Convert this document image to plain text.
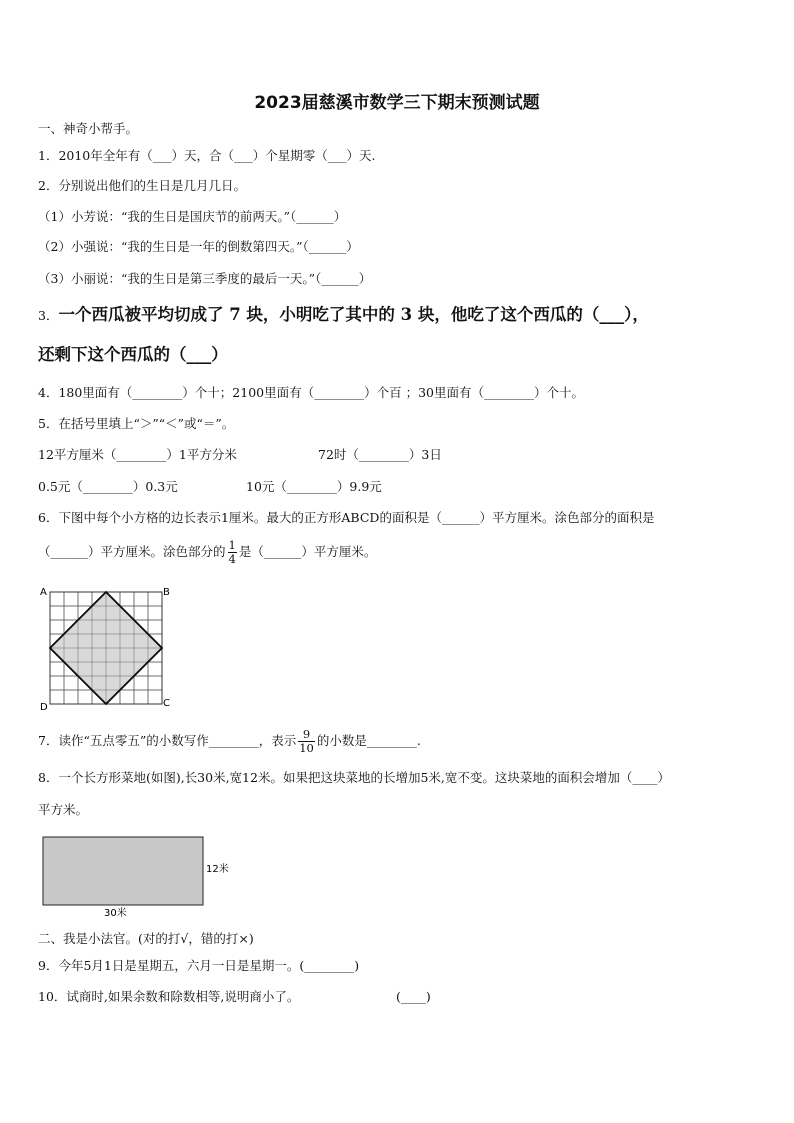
2023届慈溪市数学三下期末预测试题
一、神奇小帮手。
1．2010年全年有（___）天，合（___）个星期零（___）天.
2．分别说出他们的生日是几月几日。
（1）小芳说：“我的生日是国庆节的前两天。”（______）
（2）小强说：“我的生日是一年的倒数第四天。”（______）
（3）小丽说：“我的生日是第三季度的最后一天。”（______）
3．一个西瓜被平均切成了 7 块，小明吃了其中的 3 块，他吃了这个西瓜的（___），
还剩下这个西瓜的（___）
4．180里面有（________）个十；2100里面有（________）个百 ；30里面有（________）个十。
5．在括号里填上“＞”“＜”或“＝”。
12平方厘米（________）1平方分米	72时（________）3日
0.5元（________）0.3元	10元（________）9.9元
6．下图中每个小方格的边长表示1厘米。最大的正方形ABCD的面积是（______）平方厘米。涂色部分的面积是
（______）平方厘米。涂色部分的 $\frac{1}{4}$ 是（______）平方厘米。
A	B
C
D
7．读作“五点零五”的小数写作________，表示 $\frac{9}{10}$ 的小数是________.
8．一个长方形菜地(如图),长30米,宽12米。如果把这块菜地的长增加5米,宽不变。这块菜地的面积会增加（____）
平方米。
12米
30米
二、我是小法官。(对的打√，错的打×)
9．今年5月1日是星期五，六月一日是星期一。(________)
10．试商时,如果余数和除数相等,说明商小了。	(____)
